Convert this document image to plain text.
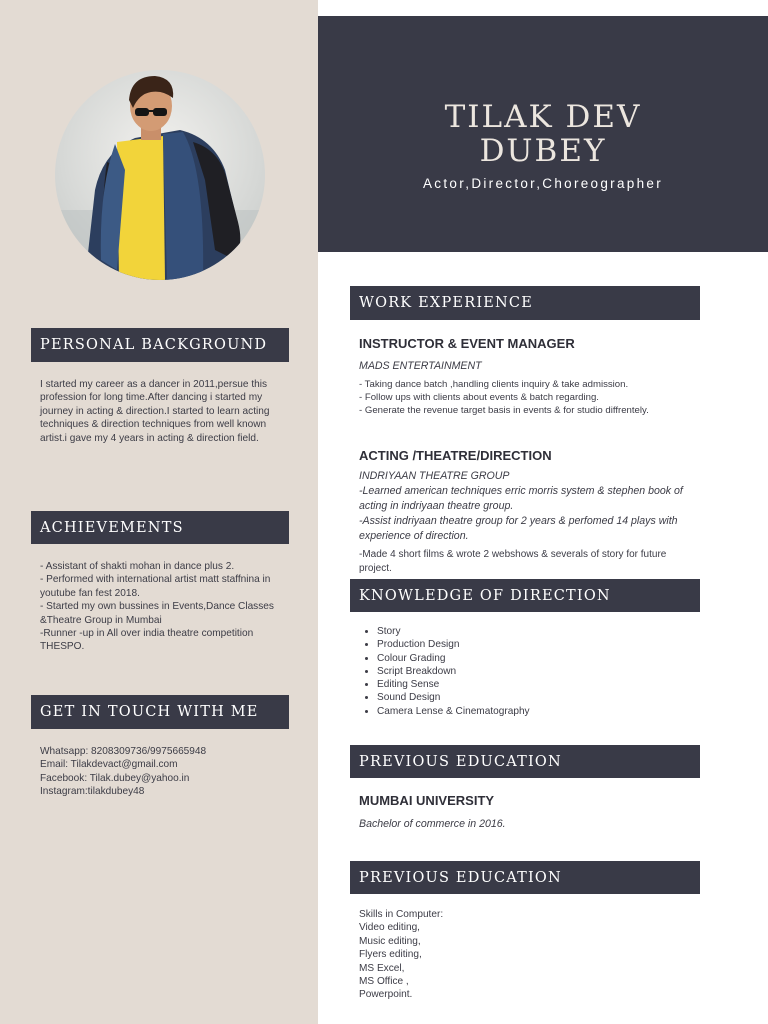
TILAK DEV
DUBEY
Actor,Director,Choreographer
PERSONAL BACKGROUND

I started my career as a dancer in 2011,persue this profession for long time.After dancing i started my journey in acting & direction.I started to learn acting techniques & direction techniques from well known artist.i gave my 4 years in acting & direction field.

ACHIEVEMENTS
- Assistant of shakti mohan in dance plus 2.
- Performed with international artist matt staffnina in youtube fan fest 2018.
- Started my own bussines in Events,Dance Classes &Theatre Group in Mumbai
-Runner -up in All over india theatre competition THESPO.
GET IN TOUCH WITH ME
Whatsapp: 8208309736/9975665948
Email: Tilakdevact@gmail.com
Facebook: Tilak.dubey@yahoo.in
Instagram:tilakdubey48
WORK EXPERIENCE
INSTRUCTOR & EVENT MANAGER
MADS ENTERTAINMENT
- Taking dance batch ,handling clients inquiry & take admission.
- Follow ups with clients about events & batch regarding.
- Generate the revenue target basis in events & for studio diffrentely.
ACTING /THEATRE/DIRECTION
INDRIYAAN THEATRE GROUP
-Learned american techniques erric morris system & stephen book of acting in indriyaan theatre group.
-Assist indriyaan theatre group for 2 years & perfomed 14 plays with experience of direction.
-Made 4 short films & wrote 2 webshows & severals of story for future project.
KNOWLEDGE OF DIRECTION
• Story
• Production Design
• Colour Grading
• Script Breakdown
• Editing Sense
• Sound Design
• Camera Lense & Cinematography
PREVIOUS EDUCATION
MUMBAI UNIVERSITY
Bachelor of commerce in 2016.
PREVIOUS EDUCATION
Skills in Computer:
Video editing,
Music editing,
Flyers editing,
MS Excel,
MS Office ,
Powerpoint.
